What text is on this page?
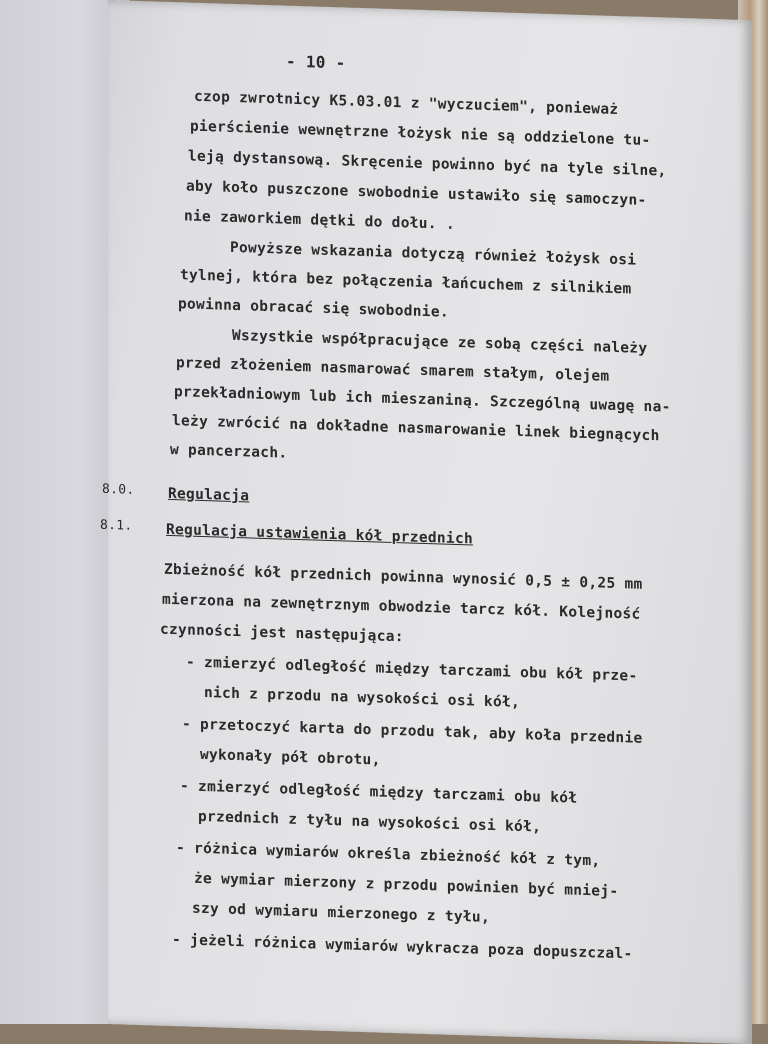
- 10 -
czop zwrotnicy K5.03.01 z "wyczuciem", ponieważ
pierścienie wewnętrzne łożysk nie są oddzielone tu-
leją dystansową. Skręcenie powinno być na tyle silne,
aby koło puszczone swobodnie ustawiło się samoczyn-
nie zaworkiem dętki do dołu. .
Powyższe wskazania dotyczą również łożysk osi
tylnej, która bez połączenia łańcuchem z silnikiem
powinna obracać się swobodnie.
Wszystkie współpracujące ze sobą części należy
przed złożeniem nasmarować smarem stałym, olejem
przekładniowym lub ich mieszaniną. Szczególną uwagę na-
leży zwrócić na dokładne nasmarowanie linek biegnących
w pancerzach.
8.0. Regulacja
8.1. Regulacja ustawienia kół przednich
Zbieżność kół przednich powinna wynosić 0,5 ± 0,25 mm
mierzona na zewnętrznym obwodzie tarcz kół. Kolejność
czynności jest następująca:
- zmierzyć odległość między tarczami obu kół prze-
nich z przodu na wysokości osi kół,
- przetoczyć karta do przodu tak, aby koła przednie
wykonały pół obrotu,
- zmierzyć odległość między tarczami obu kół
przednich z tyłu na wysokości osi kół,
- różnica wymiarów określa zbieżność kół z tym,
że wymiar mierzony z przodu powinien być mniej-
szy od wymiaru mierzonego z tyłu,
- jeżeli różnica wymiarów wykracza poza dopuszczal-
